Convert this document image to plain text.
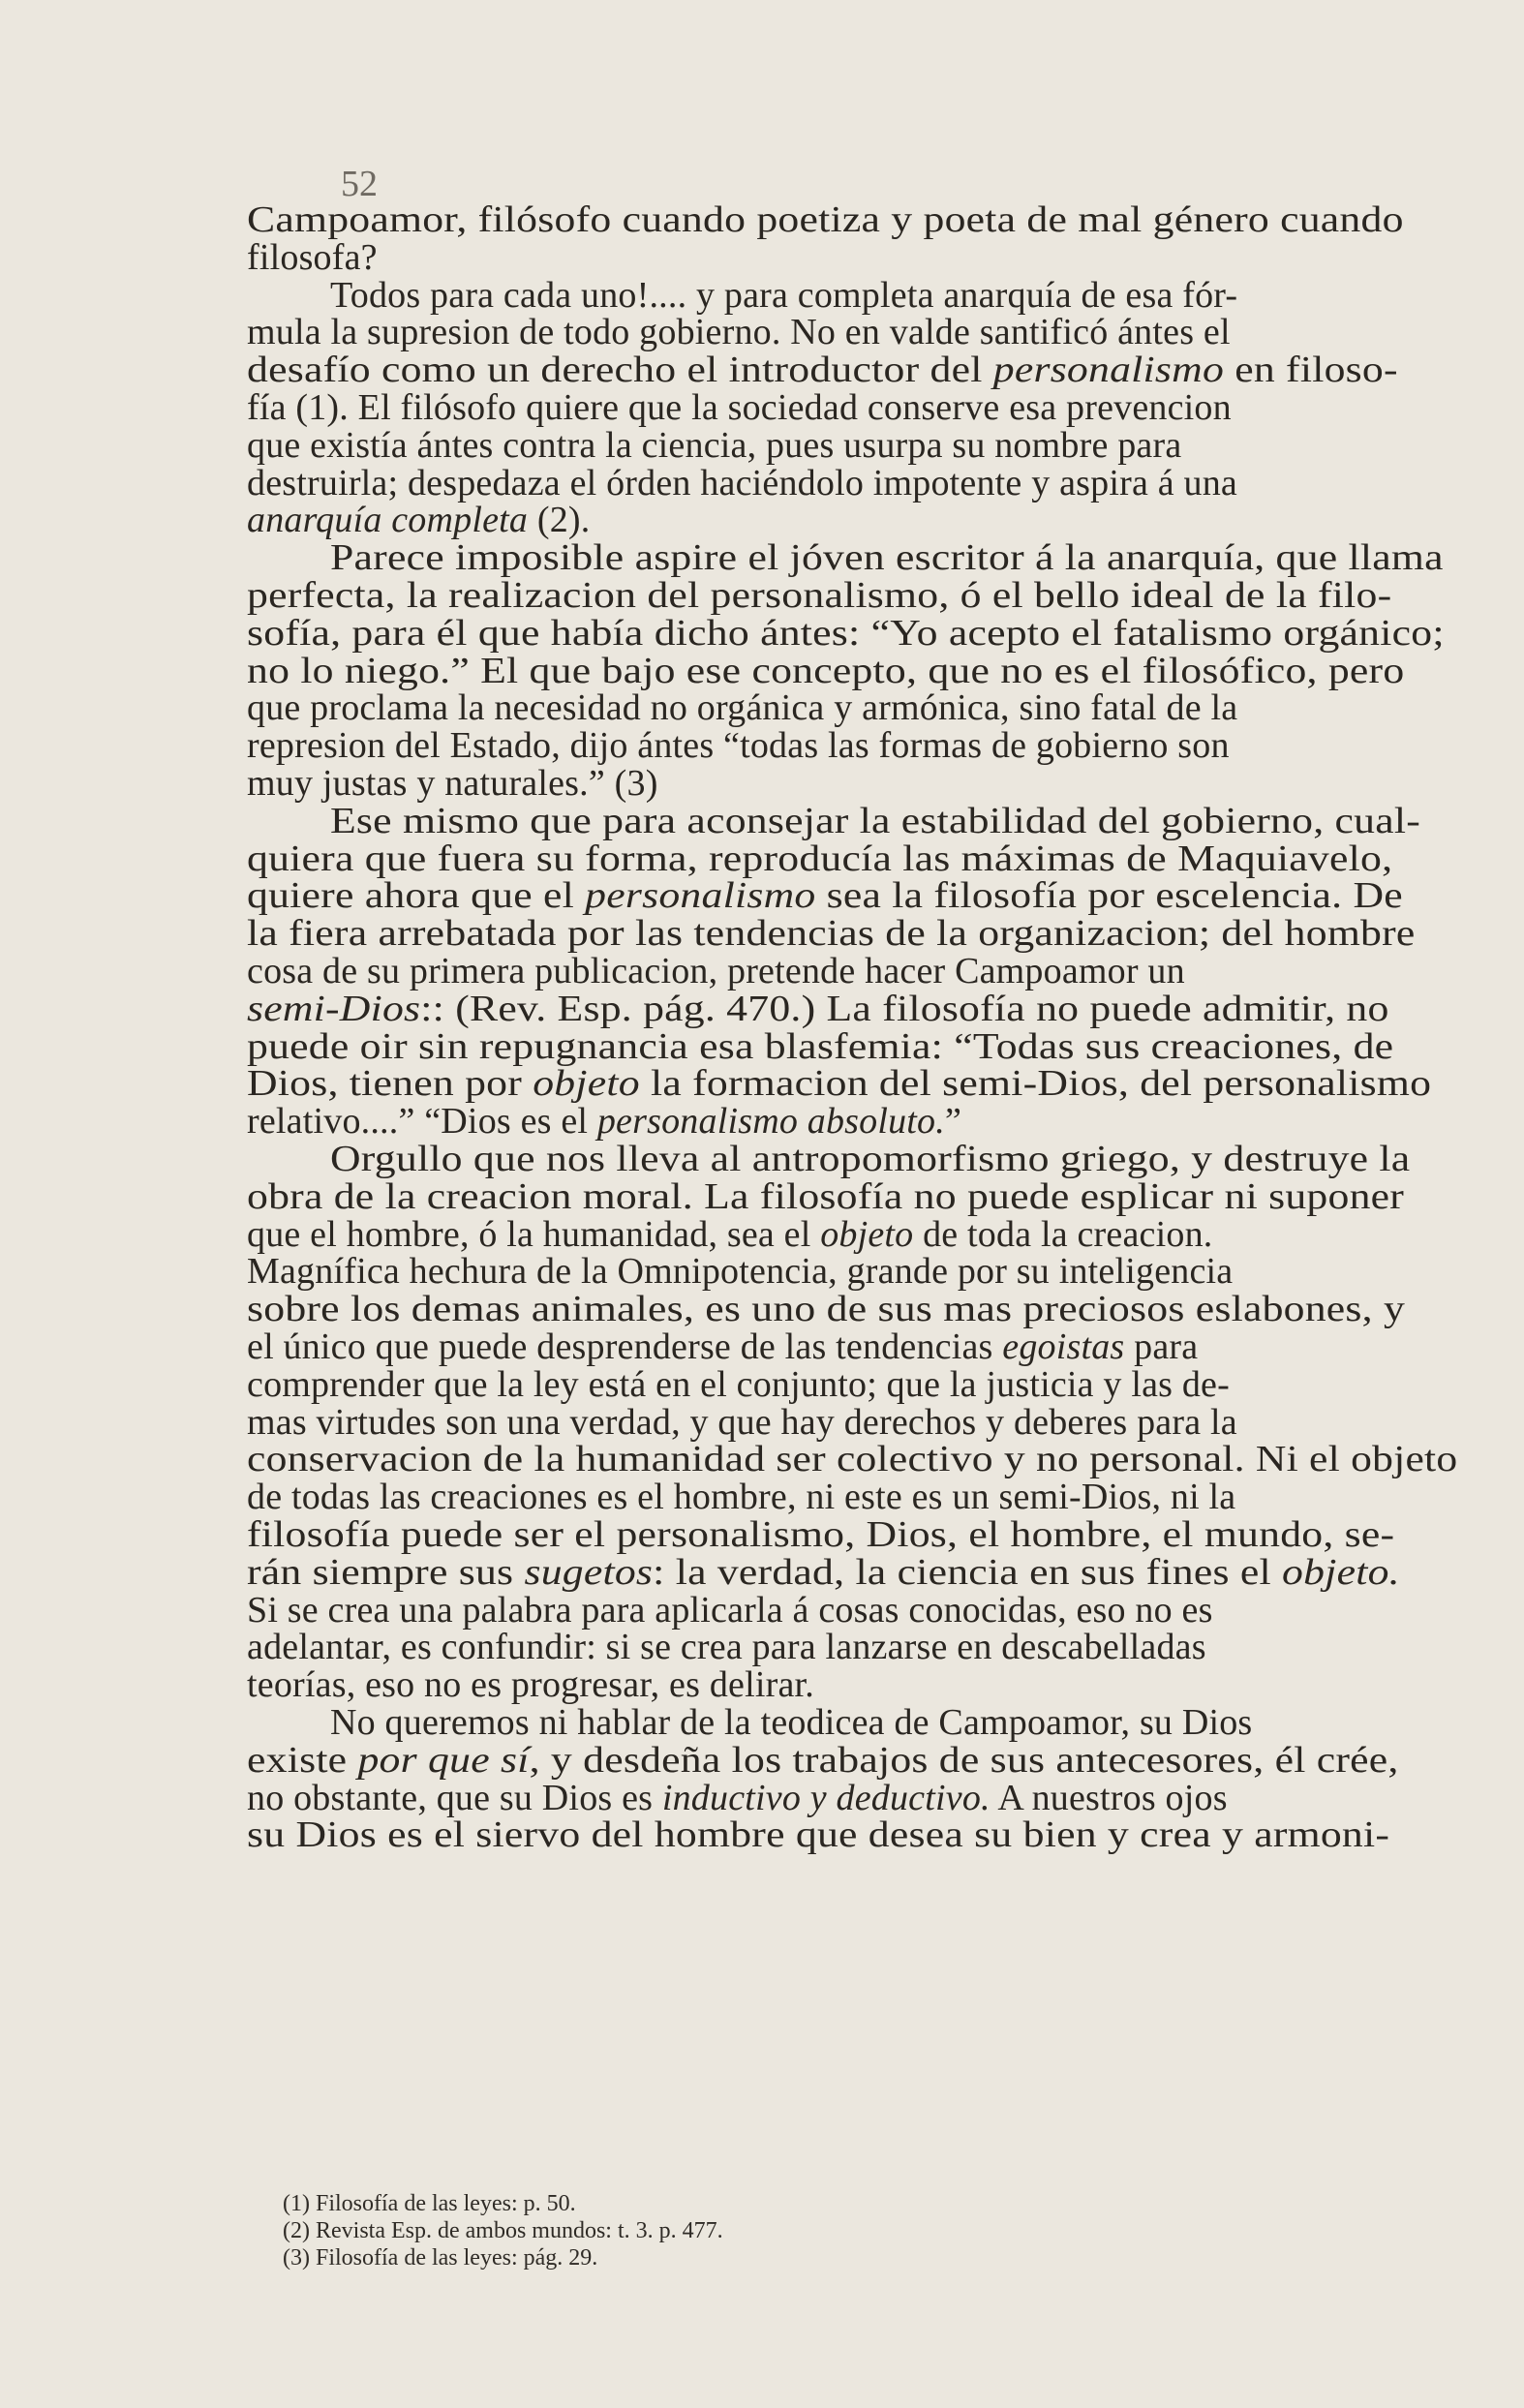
52
Campoamor, filósofo cuando poetiza y poeta de mal género cuando
filosofa?
Todos para cada uno!.... y para completa anarquía de esa fór-
mula la supresion de todo gobierno. No en valde santificó ántes el
desafío como un derecho el introductor del personalismo en filoso-
fía (1). El filósofo quiere que la sociedad conserve esa prevencion
que existía ántes contra la ciencia, pues usurpa su nombre para
destruirla; despedaza el órden haciéndolo impotente y aspira á una
anarquía completa (2).
Parece imposible aspire el jóven escritor á la anarquía, que llama
perfecta, la realizacion del personalismo, ó el bello ideal de la filo-
sofía, para él que había dicho ántes: “Yo acepto el fatalismo orgánico;
no lo niego.” El que bajo ese concepto, que no es el filosófico, pero
que proclama la necesidad no orgánica y armónica, sino fatal de la
represion del Estado, dijo ántes “todas las formas de gobierno son
muy justas y naturales.” (3)
Ese mismo que para aconsejar la estabilidad del gobierno, cual-
quiera que fuera su forma, reproducía las máximas de Maquiavelo,
quiere ahora que el personalismo sea la filosofía por escelencia. De
la fiera arrebatada por las tendencias de la organizacion; del hombre
cosa de su primera publicacion, pretende hacer Campoamor un
semi-Dios:: (Rev. Esp. pág. 470.) La filosofía no puede admitir, no
puede oir sin repugnancia esa blasfemia: “Todas sus creaciones, de
Dios, tienen por objeto la formacion del semi-Dios, del personalismo
relativo....” “Dios es el personalismo absoluto.”
Orgullo que nos lleva al antropomorfismo griego, y destruye la
obra de la creacion moral. La filosofía no puede esplicar ni suponer
que el hombre, ó la humanidad, sea el objeto de toda la creacion.
Magnífica hechura de la Omnipotencia, grande por su inteligencia
sobre los demas animales, es uno de sus mas preciosos eslabones, y
el único que puede desprenderse de las tendencias egoistas para
comprender que la ley está en el conjunto; que la justicia y las de-
mas virtudes son una verdad, y que hay derechos y deberes para la
conservacion de la humanidad ser colectivo y no personal. Ni el objeto
de todas las creaciones es el hombre, ni este es un semi-Dios, ni la
filosofía puede ser el personalismo, Dios, el hombre, el mundo, se-
rán siempre sus sugetos: la verdad, la ciencia en sus fines el objeto.
Si se crea una palabra para aplicarla á cosas conocidas, eso no es
adelantar, es confundir: si se crea para lanzarse en descabelladas
teorías, eso no es progresar, es delirar.
No queremos ni hablar de la teodicea de Campoamor, su Dios
existe por que sí, y desdeña los trabajos de sus antecesores, él crée,
no obstante, que su Dios es inductivo y deductivo. A nuestros ojos
su Dios es el siervo del hombre que desea su bien y crea y armoni-
(1) Filosofía de las leyes: p. 50.
(2) Revista Esp. de ambos mundos: t. 3. p. 477.
(3) Filosofía de las leyes: pág. 29.
